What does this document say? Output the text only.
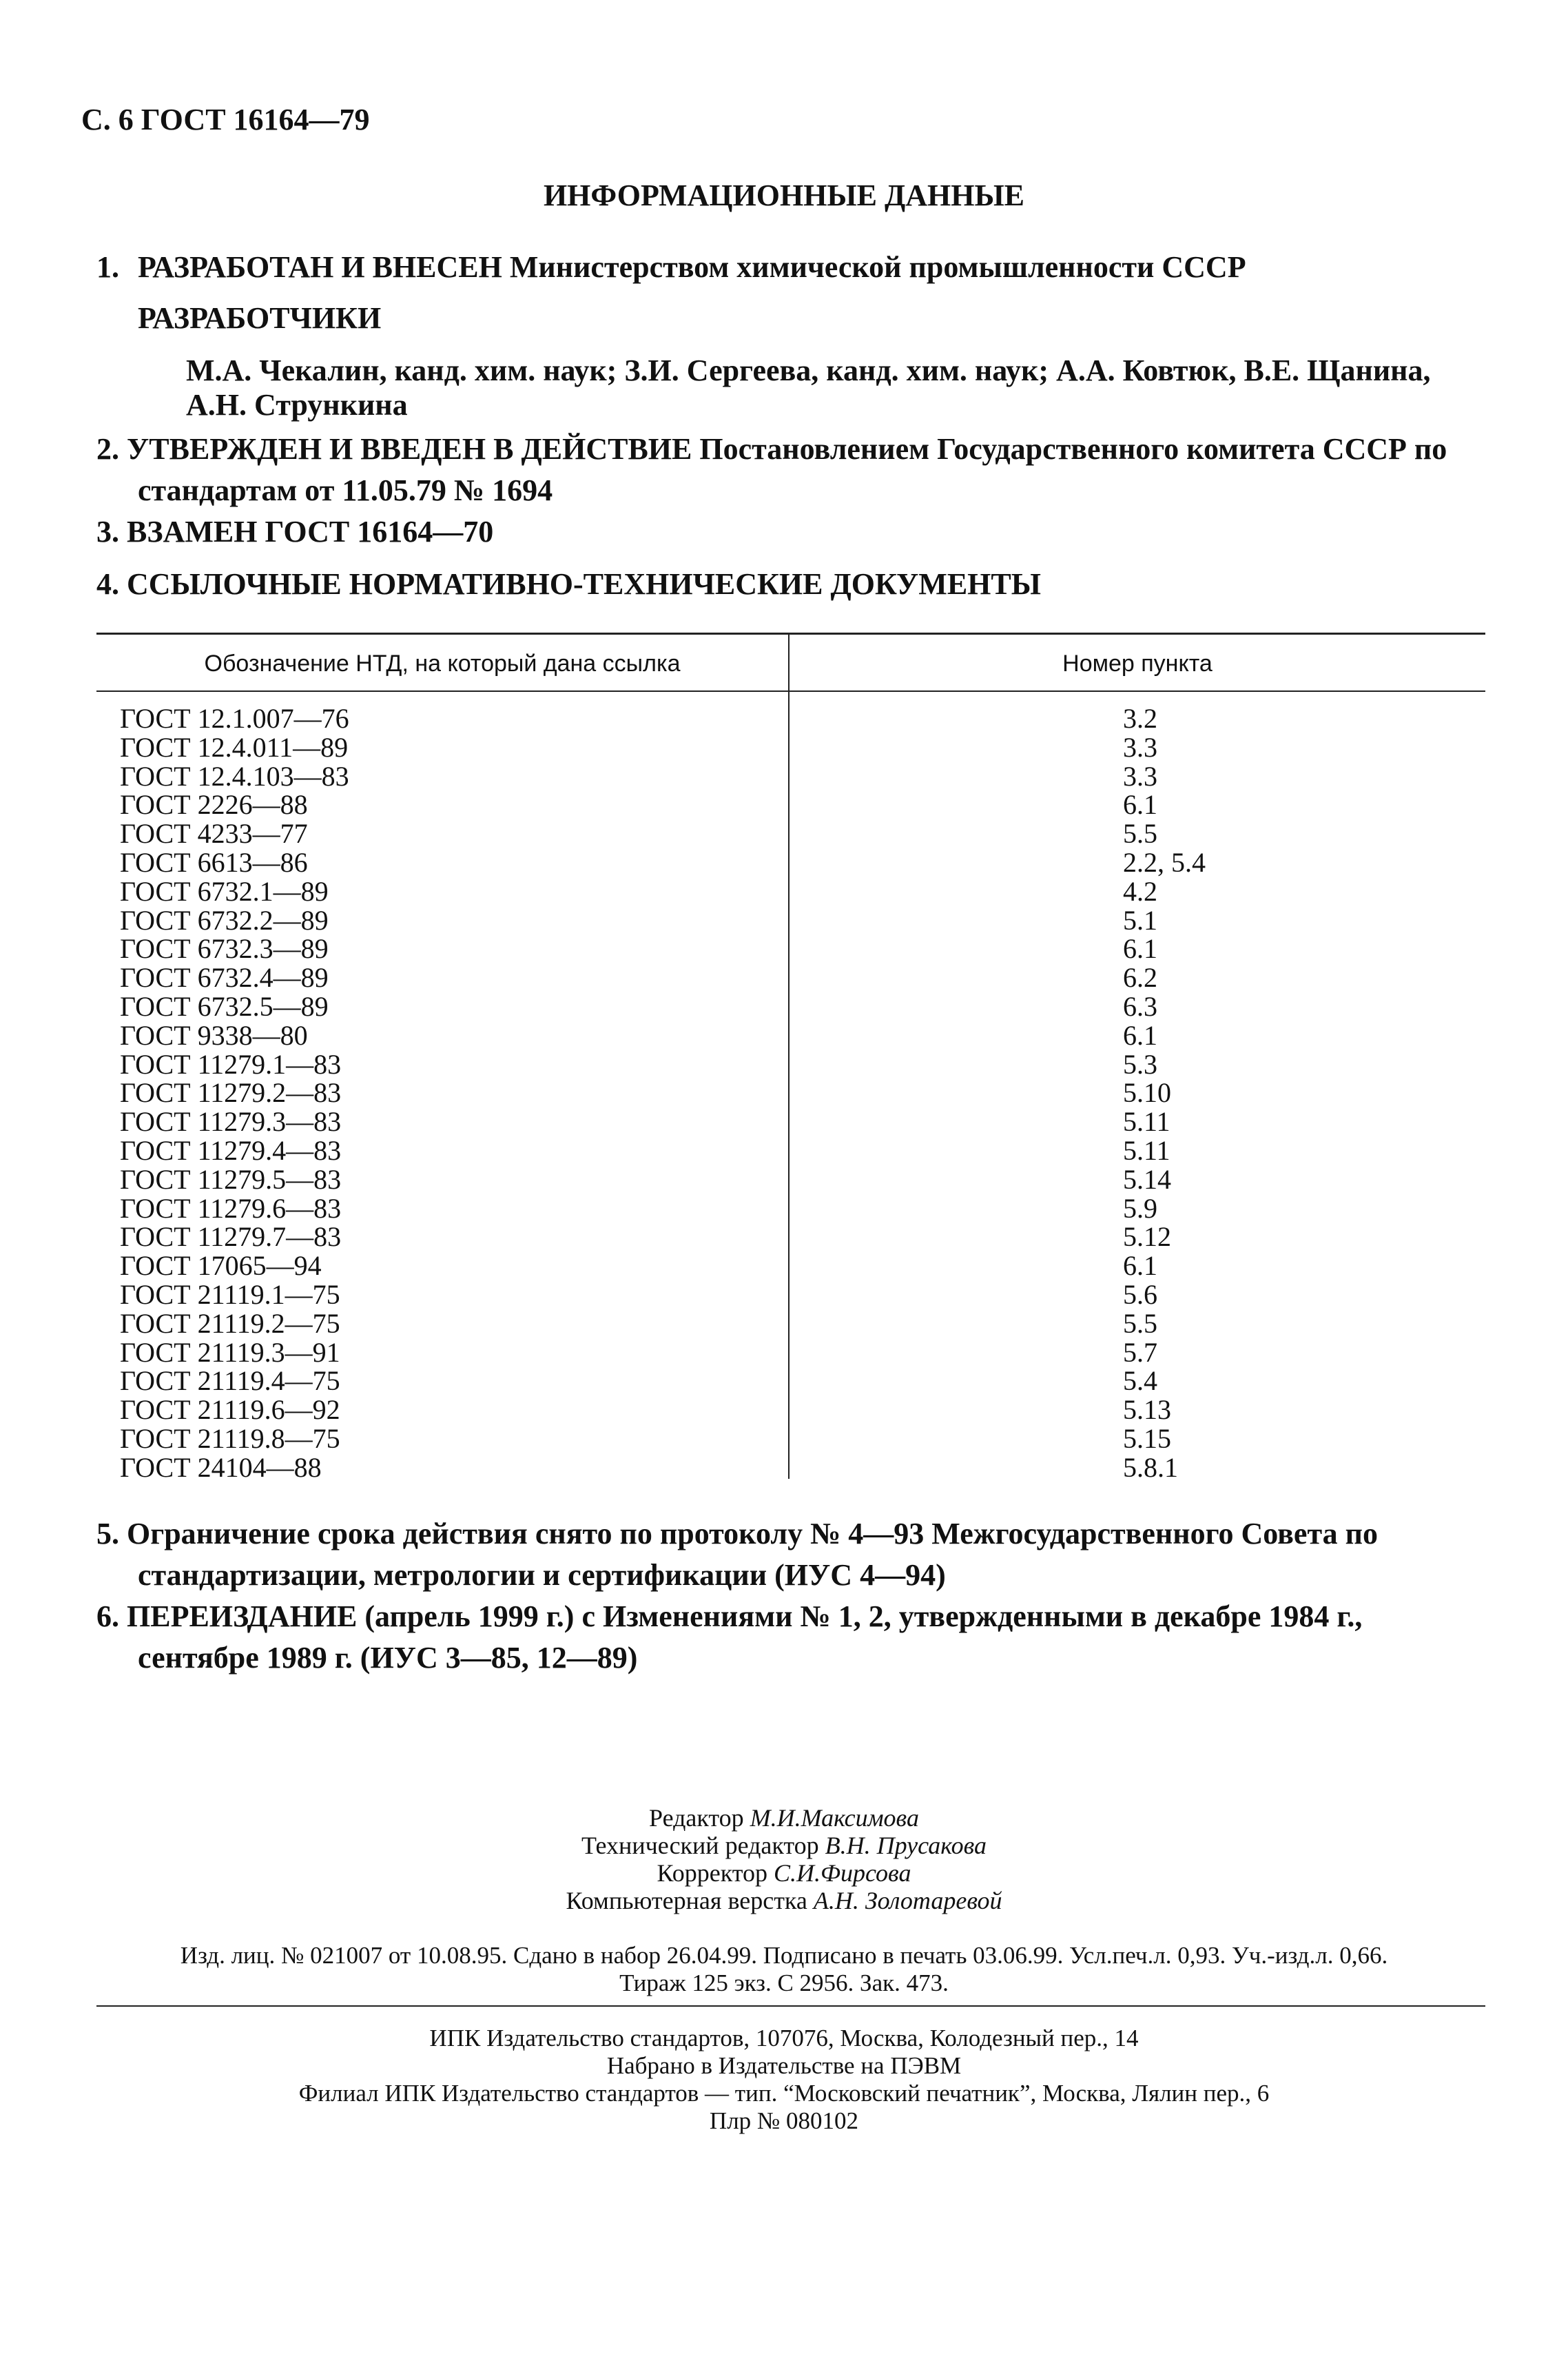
С. 6 ГОСТ 16164—79
ИНФОРМАЦИОННЫЕ ДАННЫЕ
1. РАЗРАБОТАН И ВНЕСЕН Министерством химической промышленности СССР
РАЗРАБОТЧИКИ
М.А. Чекалин, канд. хим. наук; З.И. Сергеева, канд. хим. наук; А.А. Ковтюк, В.Е. Щанина,
А.Н. Стрункина
2. УТВЕРЖДЕН И ВВЕДЕН В ДЕЙСТВИЕ Постановлением Государственного комитета СССР по стандартам от 11.05.79 № 1694
3. ВЗАМЕН ГОСТ 16164—70
4. ССЫЛОЧНЫЕ НОРМАТИВНО-ТЕХНИЧЕСКИЕ ДОКУМЕНТЫ
Обозначение НТД, на который дана ссылка	Номер пункта
ГОСТ 12.1.007—76	3.2
ГОСТ 12.4.011—89	3.3
ГОСТ 12.4.103—83	3.3
ГОСТ 2226—88	6.1
ГОСТ 4233—77	5.5
ГОСТ 6613—86	2.2, 5.4
ГОСТ 6732.1—89	4.2
ГОСТ 6732.2—89	5.1
ГОСТ 6732.3—89	6.1
ГОСТ 6732.4—89	6.2
ГОСТ 6732.5—89	6.3
ГОСТ 9338—80	6.1
ГОСТ 11279.1—83	5.3
ГОСТ 11279.2—83	5.10
ГОСТ 11279.3—83	5.11
ГОСТ 11279.4—83	5.11
ГОСТ 11279.5—83	5.14
ГОСТ 11279.6—83	5.9
ГОСТ 11279.7—83	5.12
ГОСТ 17065—94	6.1
ГОСТ 21119.1—75	5.6
ГОСТ 21119.2—75	5.5
ГОСТ 21119.3—91	5.7
ГОСТ 21119.4—75	5.4
ГОСТ 21119.6—92	5.13
ГОСТ 21119.8—75	5.15
ГОСТ 24104—88	5.8.1
5. Ограничение срока действия снято по протоколу № 4—93 Межгосударственного Совета по стандартизации, метрологии и сертификации (ИУС 4—94)
6. ПЕРЕИЗДАНИЕ (апрель 1999 г.) с Изменениями № 1, 2, утвержденными в декабре 1984 г., сентябре 1989 г. (ИУС 3—85, 12—89)
Редактор М.И.Максимова
Технический редактор В.Н. Прусакова
Корректор С.И.Фирсова
Компьютерная верстка А.Н. Золотаревой
Изд. лиц. № 021007 от 10.08.95. Сдано в набор 26.04.99. Подписано в печать 03.06.99. Усл.печ.л. 0,93. Уч.-изд.л. 0,66.
Тираж 125 экз. С 2956. Зак. 473.
ИПК Издательство стандартов, 107076, Москва, Колодезный пер., 14
Набрано в Издательстве на ПЭВМ
Филиал ИПК Издательство стандартов — тип. “Московский печатник”, Москва, Лялин пер., 6
Плр № 080102
